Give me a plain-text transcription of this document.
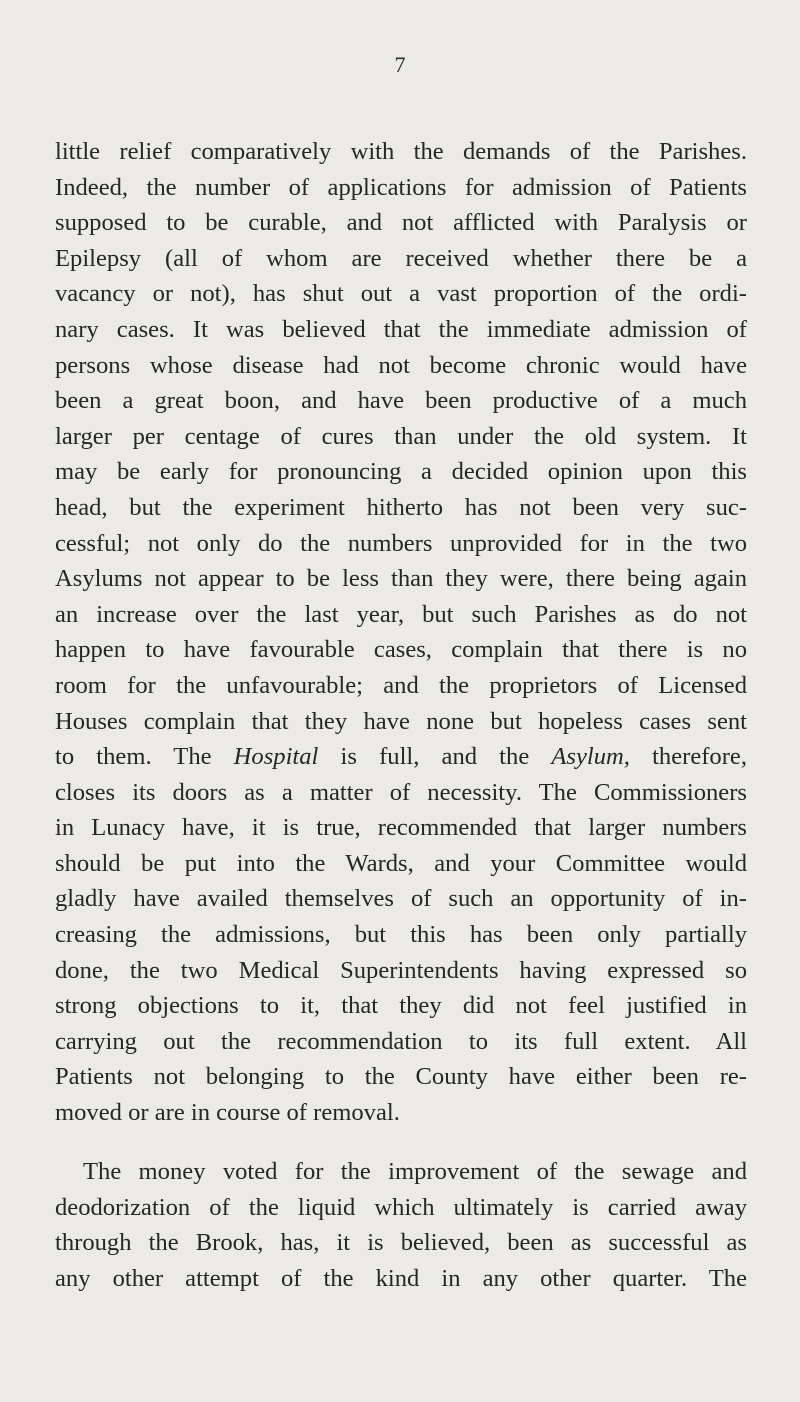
7
little relief comparatively with the demands of the Parishes.
Indeed, the number of applications for admission of Patients
supposed to be curable, and not afflicted with Paralysis or
Epilepsy (all of whom are received whether there be a
vacancy or not), has shut out a vast proportion of the ordi-
nary cases. It was believed that the immediate admission of
persons whose disease had not become chronic would have
been a great boon, and have been productive of a much
larger per centage of cures than under the old system. It
may be early for pronouncing a decided opinion upon this
head, but the experiment hitherto has not been very suc-
cessful; not only do the numbers unprovided for in the two
Asylums not appear to be less than they were, there being again
an increase over the last year, but such Parishes as do not
happen to have favourable cases, complain that there is no
room for the unfavourable; and the proprietors of Licensed
Houses complain that they have none but hopeless cases sent
to them. The Hospital is full, and the Asylum, therefore,
closes its doors as a matter of necessity. The Commissioners
in Lunacy have, it is true, recommended that larger numbers
should be put into the Wards, and your Committee would
gladly have availed themselves of such an opportunity of in-
creasing the admissions, but this has been only partially
done, the two Medical Superintendents having expressed so
strong objections to it, that they did not feel justified in
carrying out the recommendation to its full extent. All
Patients not belonging to the County have either been re-
moved or are in course of removal.
The money voted for the improvement of the sewage and
deodorization of the liquid which ultimately is carried away
through the Brook, has, it is believed, been as successful as
any other attempt of the kind in any other quarter. The
